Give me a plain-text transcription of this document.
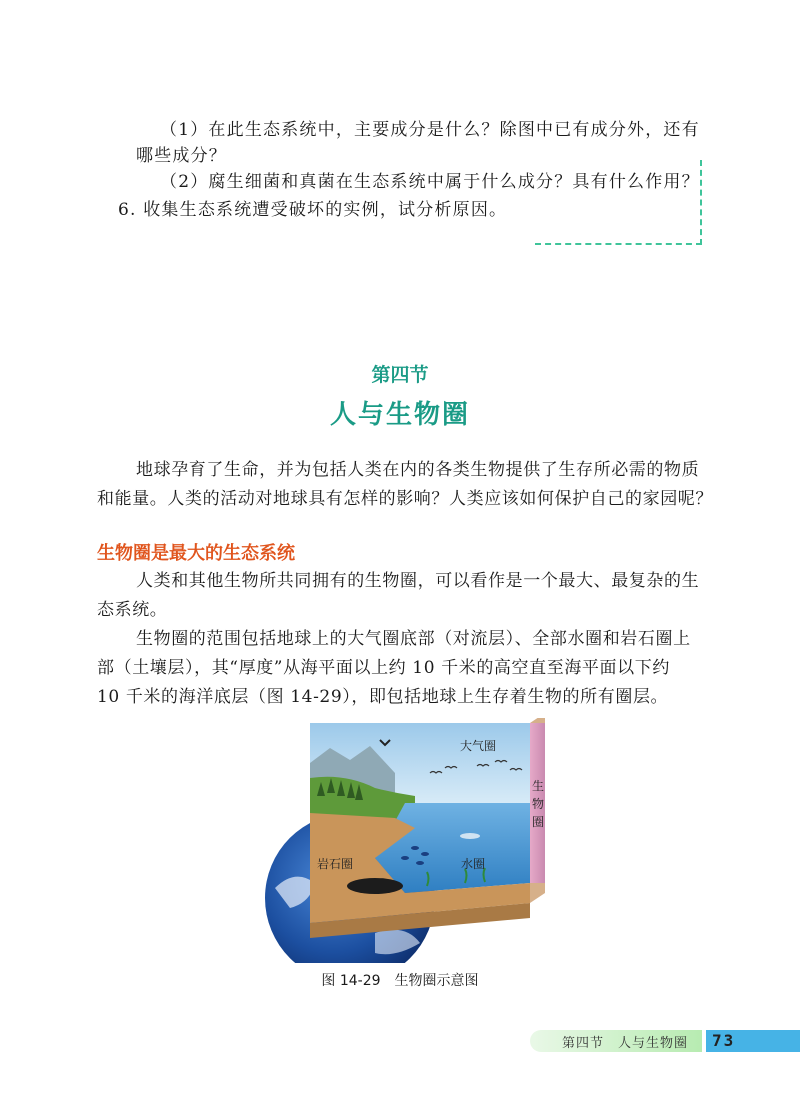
（1）在此生态系统中，主要成分是什么？除图中已有成分外，还有
哪些成分？
（2）腐生细菌和真菌在生态系统中属于什么成分？具有什么作用？
6. 收集生态系统遭受破坏的实例，试分析原因。
第四节
人与生物圈
地球孕育了生命，并为包括人类在内的各类生物提供了生存所必需的物质
和能量。人类的活动对地球具有怎样的影响？人类应该如何保护自己的家园呢？
生物圈是最大的生态系统
人类和其他生物所共同拥有的生物圈，可以看作是一个最大、最复杂的生
态系统。
生物圈的范围包括地球上的大气圈底部（对流层）、全部水圈和岩石圈上
部（土壤层），其“厚度”从海平面以上约 10 千米的高空直至海平面以下约
10 千米的海洋底层（图 14-29），即包括地球上生存着生物的所有圈层。
大气圈
生
物
圈
岩石圈	水圈
图 14-29　生物圈示意图
第四节　人与生物圈 73
